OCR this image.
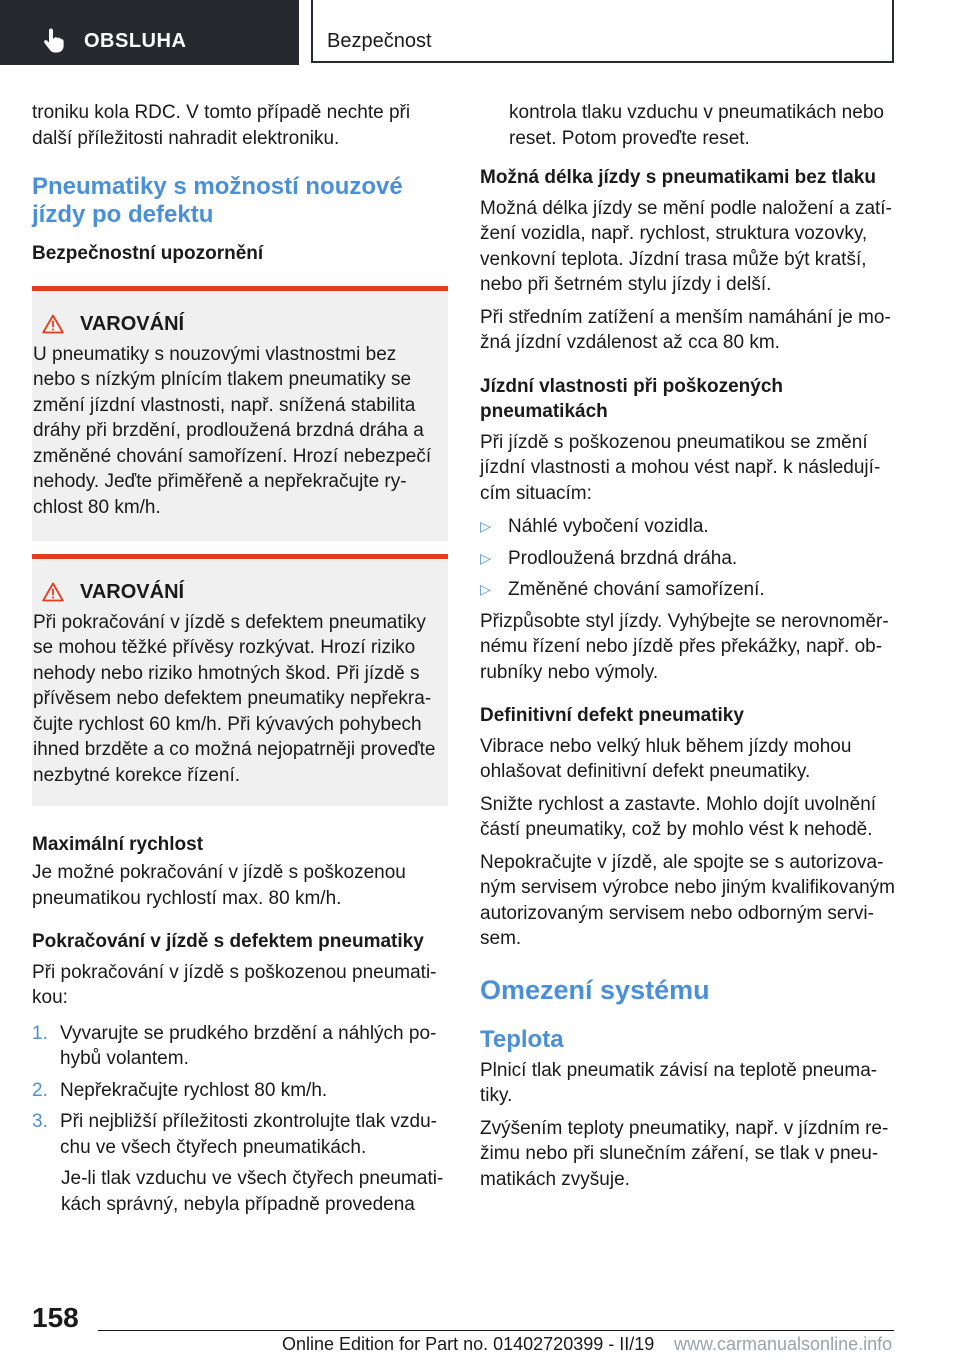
OBSLUHA	Bezpečnost

troniku kola RDC. V tomto případě nechte při další příležitosti nahradit elektroniku.

Pneumatiky s možností nouzové jízdy po defektu
Bezpečnostní upozornění
VAROVÁNÍ

U pneumatiky s nouzovými vlastnostmi bez nebo s nízkým plnícím tlakem pneumatiky se změní jízdní vlastnosti, např. snížená stabilita dráhy při brzdění, prodloužená brzdná dráha a změněné chování samořízení. Hrozí nebezpečí nehody. Jeďte přiměřeně a nepřekračujte rychlost 80 km/h.

VAROVÁNÍ

Při pokračování v jízdě s defektem pneumatiky se mohou těžké přívěsy rozkývat. Hrozí riziko nehody nebo riziko hmotných škod. Při jízdě s přívěsem nebo defektem pneumatiky nepřekračujte rychlost 60 km/h. Při kývavých pohybech ihned brzděte a co možná nejopatrněji proveďte nezbytné korekce řízení.

Maximální rychlost

Je možné pokračování v jízdě s poškozenou pneumatikou rychlostí max. 80 km/h.

Pokračování v jízdě s defektem pneumatiky

Při pokračování v jízdě s poškozenou pneumatikou:

1. Vyvarujte se prudkého brzdění a náhlých pohybů volantem.

2. Nepřekračujte rychlost 80 km/h.

3. Při nejbližší příležitosti zkontrolujte tlak vzduchu ve všech čtyřech pneumatikách.

Je-li tlak vzduchu ve všech čtyřech pneumatikách správný, nebyla případně provedena

kontrola tlaku vzduchu v pneumatikách nebo reset. Potom proveďte reset.

Možná délka jízdy s pneumatikami bez tlaku

Možná délka jízdy se mění podle naložení a zatížení vozidla, např. rychlost, struktura vozovky, venkovní teplota. Jízdní trasa může být kratší, nebo při šetrném stylu jízdy i delší.

Při středním zatížení a menším namáhání je možná jízdní vzdálenost až cca 80 km.

Jízdní vlastnosti při poškozených pneumatikách

Při jízdě s poškozenou pneumatikou se změní jízdní vlastnosti a mohou vést např. k následujícím situacím:

▷ Náhlé vybočení vozidla.

▷ Prodloužená brzdná dráha.

▷ Změněné chování samořízení.

Přizpůsobte styl jízdy. Vyhýbejte se nerovnoměrnému řízení nebo jízdě přes překážky, např. obrubníky nebo výmoly.

Definitivní defekt pneumatiky

Vibrace nebo velký hluk během jízdy mohou ohlašovat definitivní defekt pneumatiky.

Snižte rychlost a zastavte. Mohlo dojít uvolnění částí pneumatiky, což by mohlo vést k nehodě.

Nepokračujte v jízdě, ale spojte se s autorizovaným servisem výrobce nebo jiným kvalifikovaným autorizovaným servisem nebo odborným servisem.

Omezení systému
Teplota

Plnicí tlak pneumatik závisí na teplotě pneumatiky.

Zvýšením teploty pneumatiky, např. v jízdním režimu nebo při slunečním záření, se tlak v pneumatikách zvyšuje.

158
Online Edition for Part no. 01402720399 - II/19 www.carmanualsonline.info
